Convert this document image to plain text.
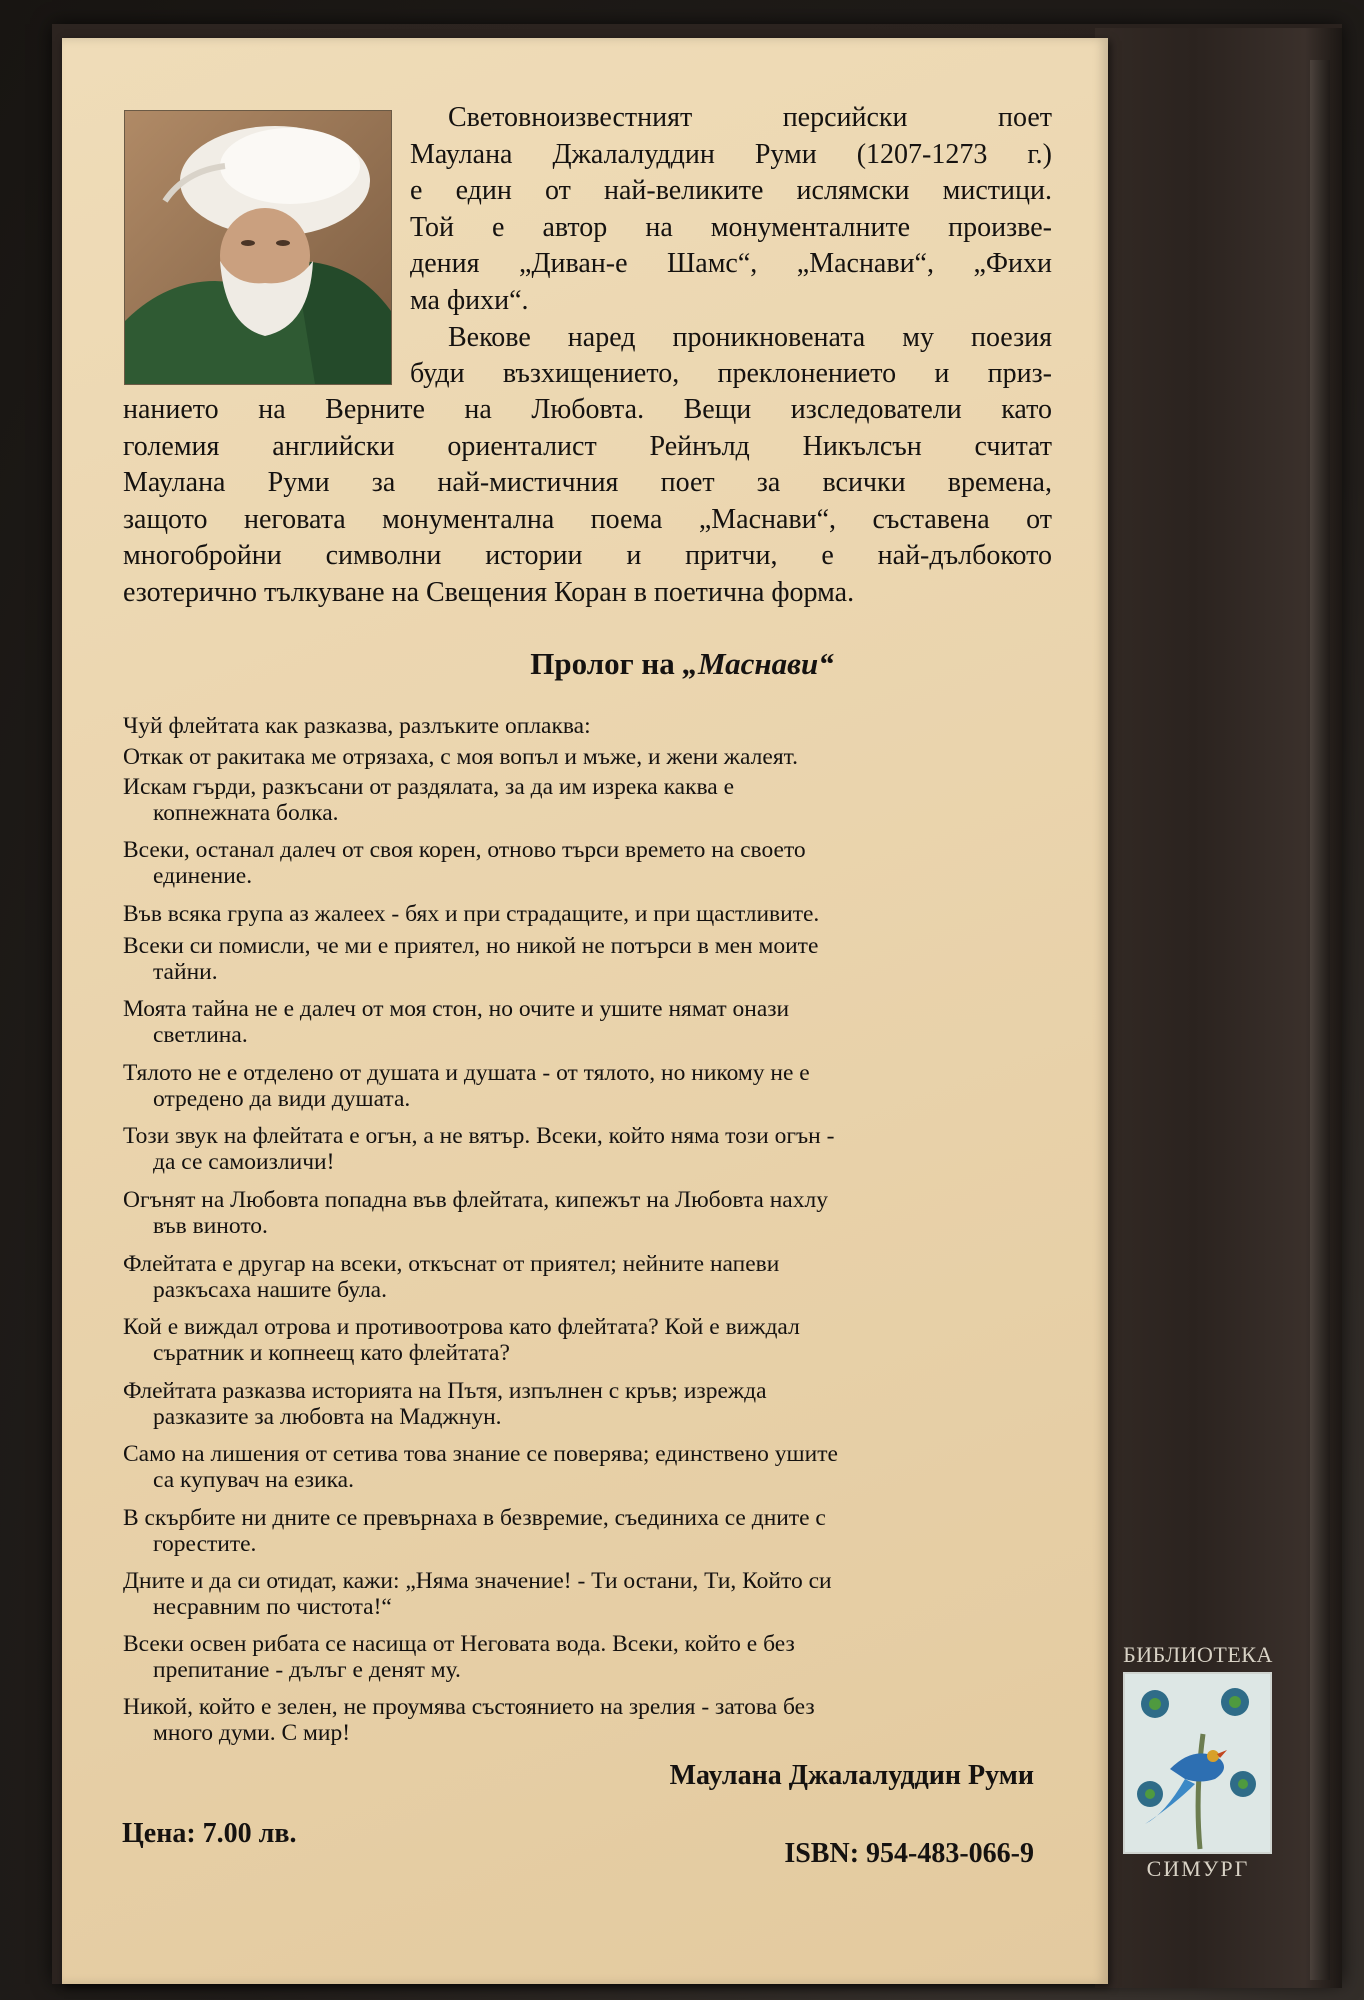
Световноизвестният персийски поет
Маулана Джалалуддин Руми (1207-1273 г.)
е един от най-великите ислямски мистици.
Той е автор на монументалните произве-
дения „Диван-е Шамс“, „Маснави“, „Фихи
ма фихи“.
Векове наред проникновената му поезия
буди възхищението, преклонението и приз-
нанието на Верните на Любовта. Вещи изследователи като
големия английски ориенталист Рейнълд Никълсън считат
Маулана Руми за най-мистичния поет за всички времена,
защото неговата монументална поема „Маснави“, съставена от
многобройни символни истории и притчи, е най-дълбокото
езотерично тълкуване на Свещения Коран в поетична форма.
Пролог на „Маснави“
Чуй флейтата как разказва, разлъките оплаква:
Откак от ракитака ме отрязаха, с моя вопъл и мъже, и жени жалеят.
Искам гърди, разкъсани от раздялата, за да им изрека каква е
копнежната болка.
Всеки, останал далеч от своя корен, отново търси времето на своето
единение.
Във всяка група аз жалеех - бях и при страдащите, и при щастливите.
Всеки си помисли, че ми е приятел, но никой не потърси в мен моите
тайни.
Моята тайна не е далеч от моя стон, но очите и ушите нямат онази
светлина.
Тялото не е отделено от душата и душата - от тялото, но никому не е
отредено да види душата.
Този звук на флейтата е огън, а не вятър. Всеки, който няма този огън -
да се самоизличи!
Огънят на Любовта попадна във флейтата, кипежът на Любовта нахлу
във виното.
Флейтата е другар на всеки, откъснат от приятел; нейните напеви
разкъсаха нашите була.
Кой е виждал отрова и противоотрова като флейтата? Кой е виждал
съратник и копнеещ като флейтата?
Флейтата разказва историята на Пътя, изпълнен с кръв; изрежда
разказите за любовта на Маджнун.
Само на лишения от сетива това знание се поверява; единствено ушите
са купувач на езика.
В скърбите ни дните се превърнаха в безвремие, съединиха се дните с
горестите.
Дните и да си отидат, кажи: „Няма значение! - Ти остани, Ти, Който си
несравним по чистота!“
Всеки освен рибата се насища от Неговата вода. Всеки, който е без
препитание - дълъг е денят му.
Никой, който е зелен, не проумява състоянието на зрелия - затова без
много думи. С мир!
Маулана Джалалуддин Руми
Цена: 7.00 лв.
ISBN: 954-483-066-9
БИБЛИОТЕКА
СИМУРГ
